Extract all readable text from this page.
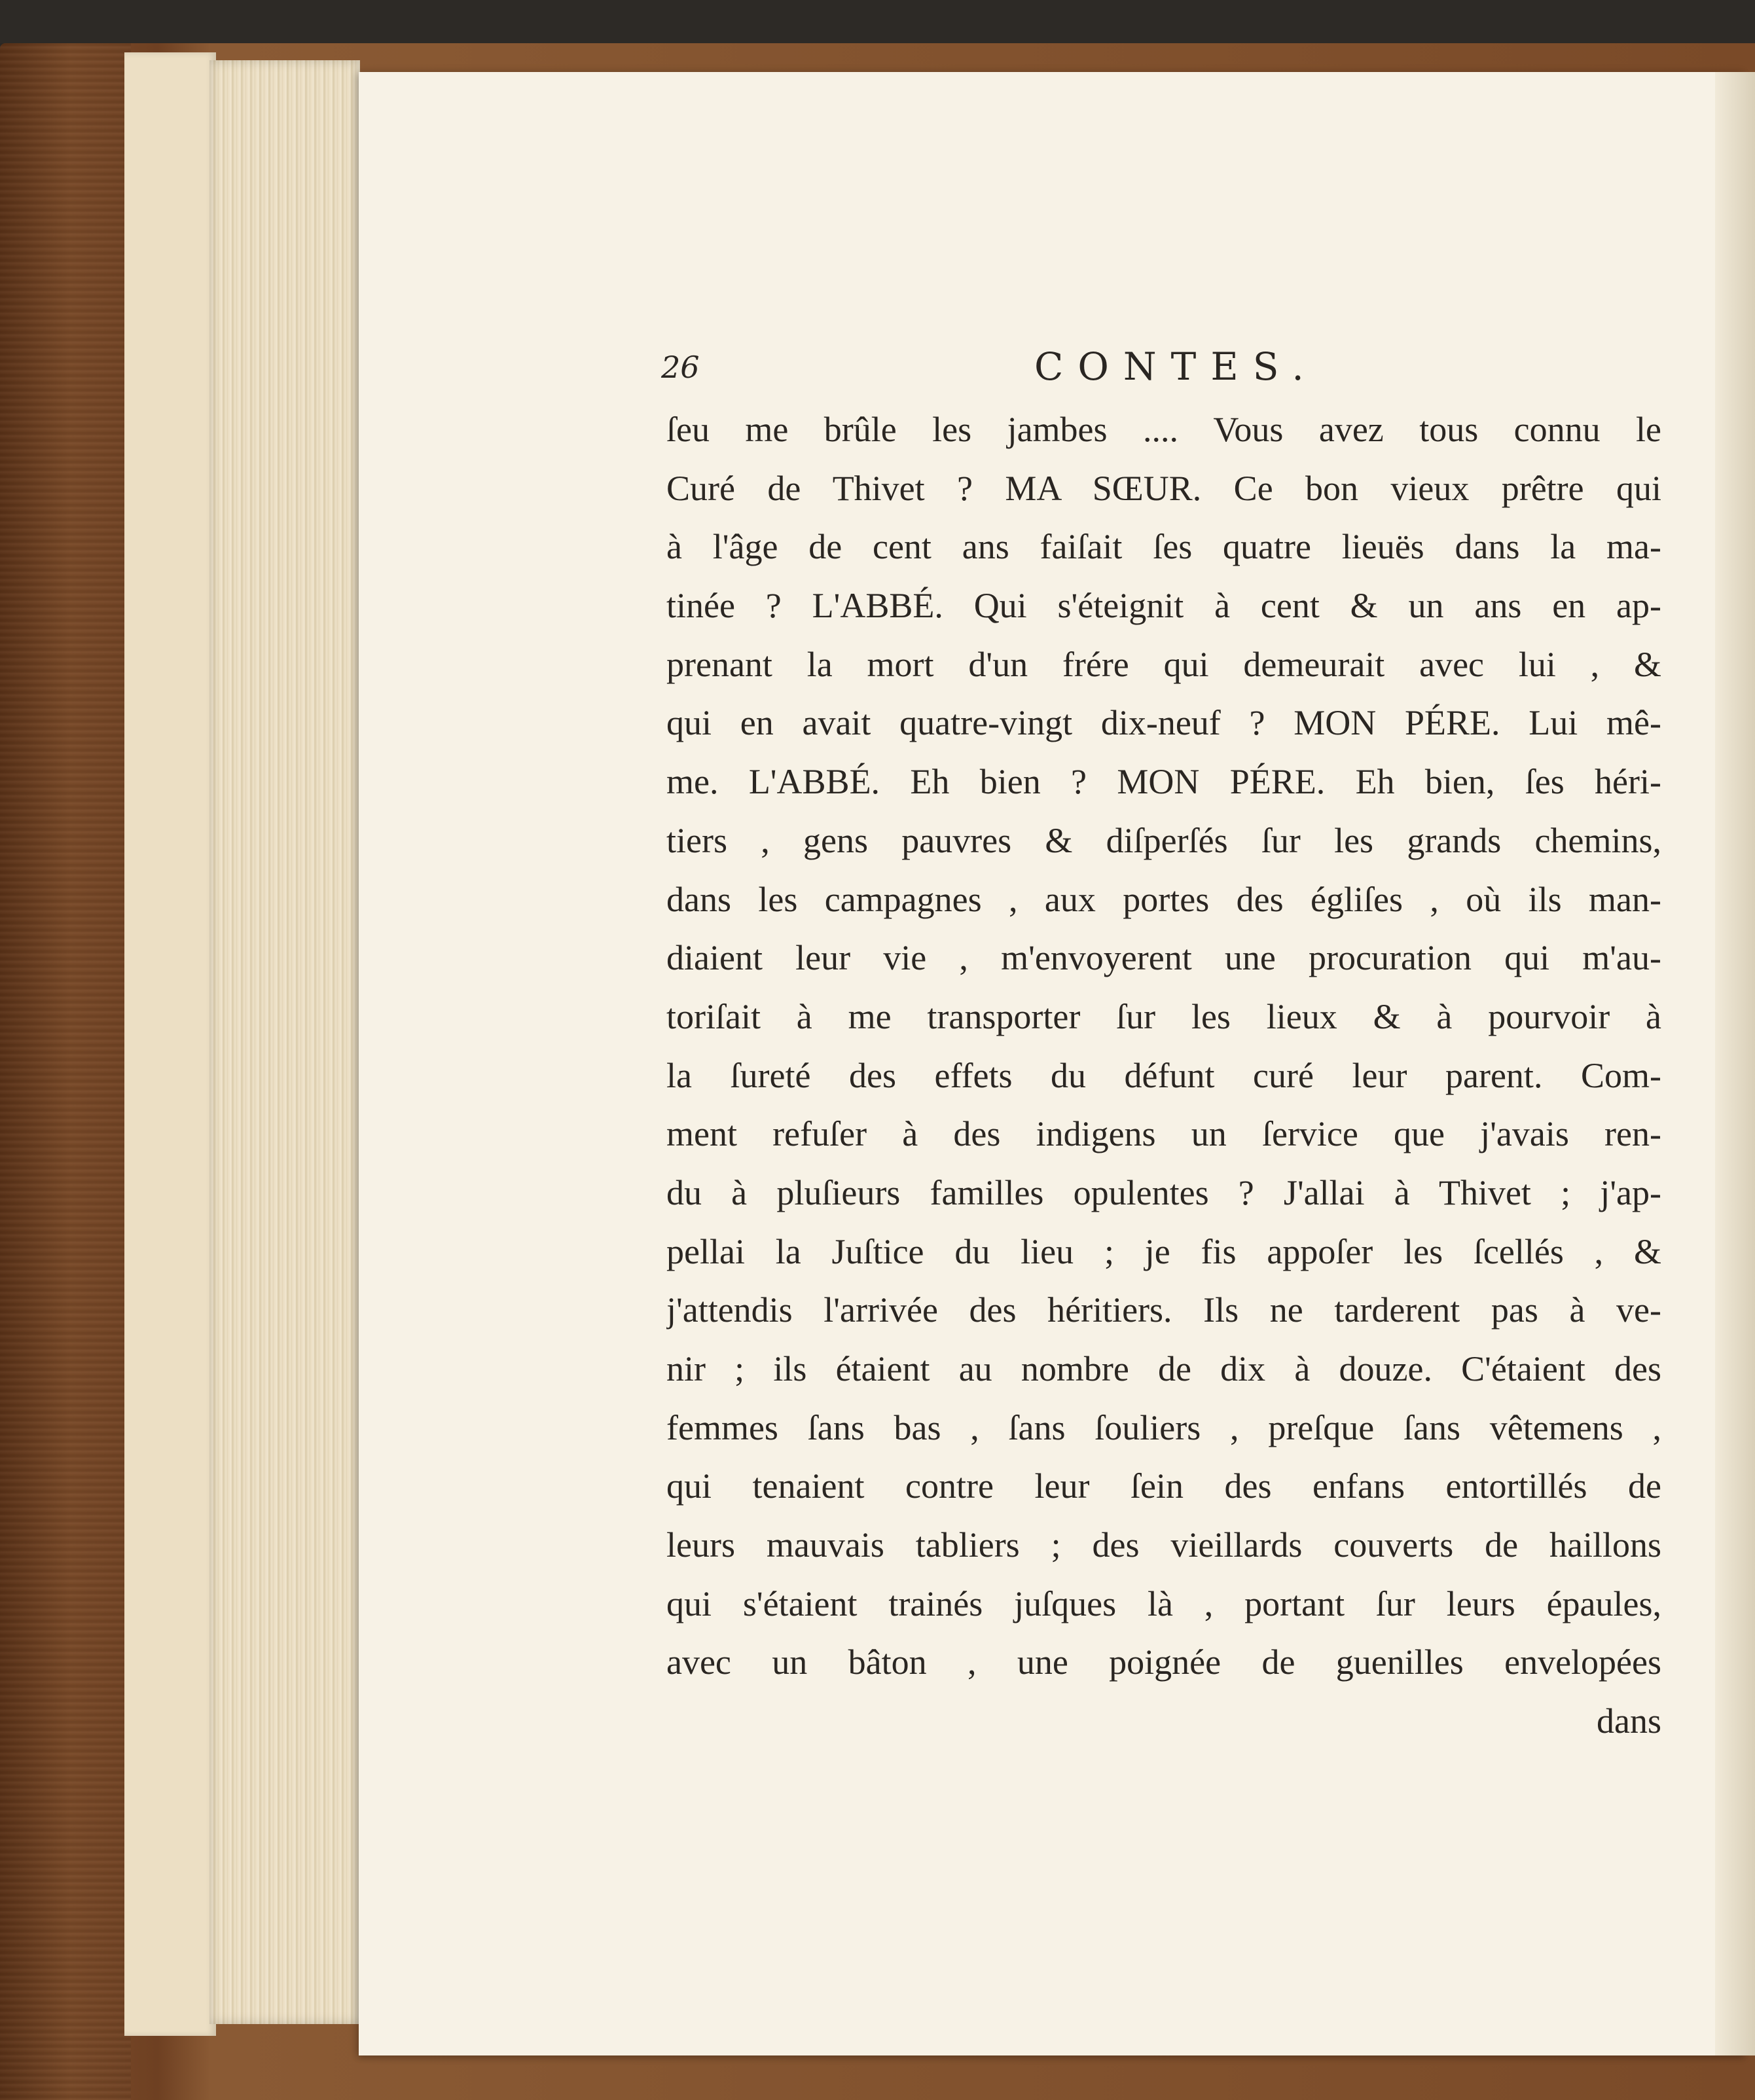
26	CONTES.
ſeu me brûle les jambes .... Vous avez tous connu le
Curé de Thivet ? MA SŒUR. Ce bon vieux prêtre qui
à l'âge de cent ans faiſait ſes quatre lieuës dans la ma-
tinée ? L'ABBÉ. Qui s'éteignit à cent & un ans en ap-
prenant la mort d'un frére qui demeurait avec lui , &
qui en avait quatre-vingt dix-neuf ? MON PÉRE. Lui mê-
me. L'ABBÉ. Eh bien ? MON PÉRE. Eh bien, ſes héri-
tiers , gens pauvres & diſperſés ſur les grands chemins,
dans les campagnes , aux portes des égliſes , où ils man-
diaient leur vie , m'envoyerent une procuration qui m'au-
toriſait à me transporter ſur les lieux & à pourvoir à
la ſureté des effets du défunt curé leur parent. Com-
ment refuſer à des indigens un ſervice que j'avais ren-
du à pluſieurs familles opulentes ? J'allai à Thivet ; j'ap-
pellai la Juſtice du lieu ; je fis appoſer les ſcellés , &
j'attendis l'arrivée des héritiers. Ils ne tarderent pas à ve-
nir ; ils étaient au nombre de dix à douze. C'étaient des
femmes ſans bas , ſans ſouliers , preſque ſans vêtemens ,
qui tenaient contre leur ſein des enfans entortillés de
leurs mauvais tabliers ; des vieillards couverts de haillons
qui s'étaient trainés juſques là , portant ſur leurs épaules,
avec un bâton , une poignée de guenilles envelopées
dans
